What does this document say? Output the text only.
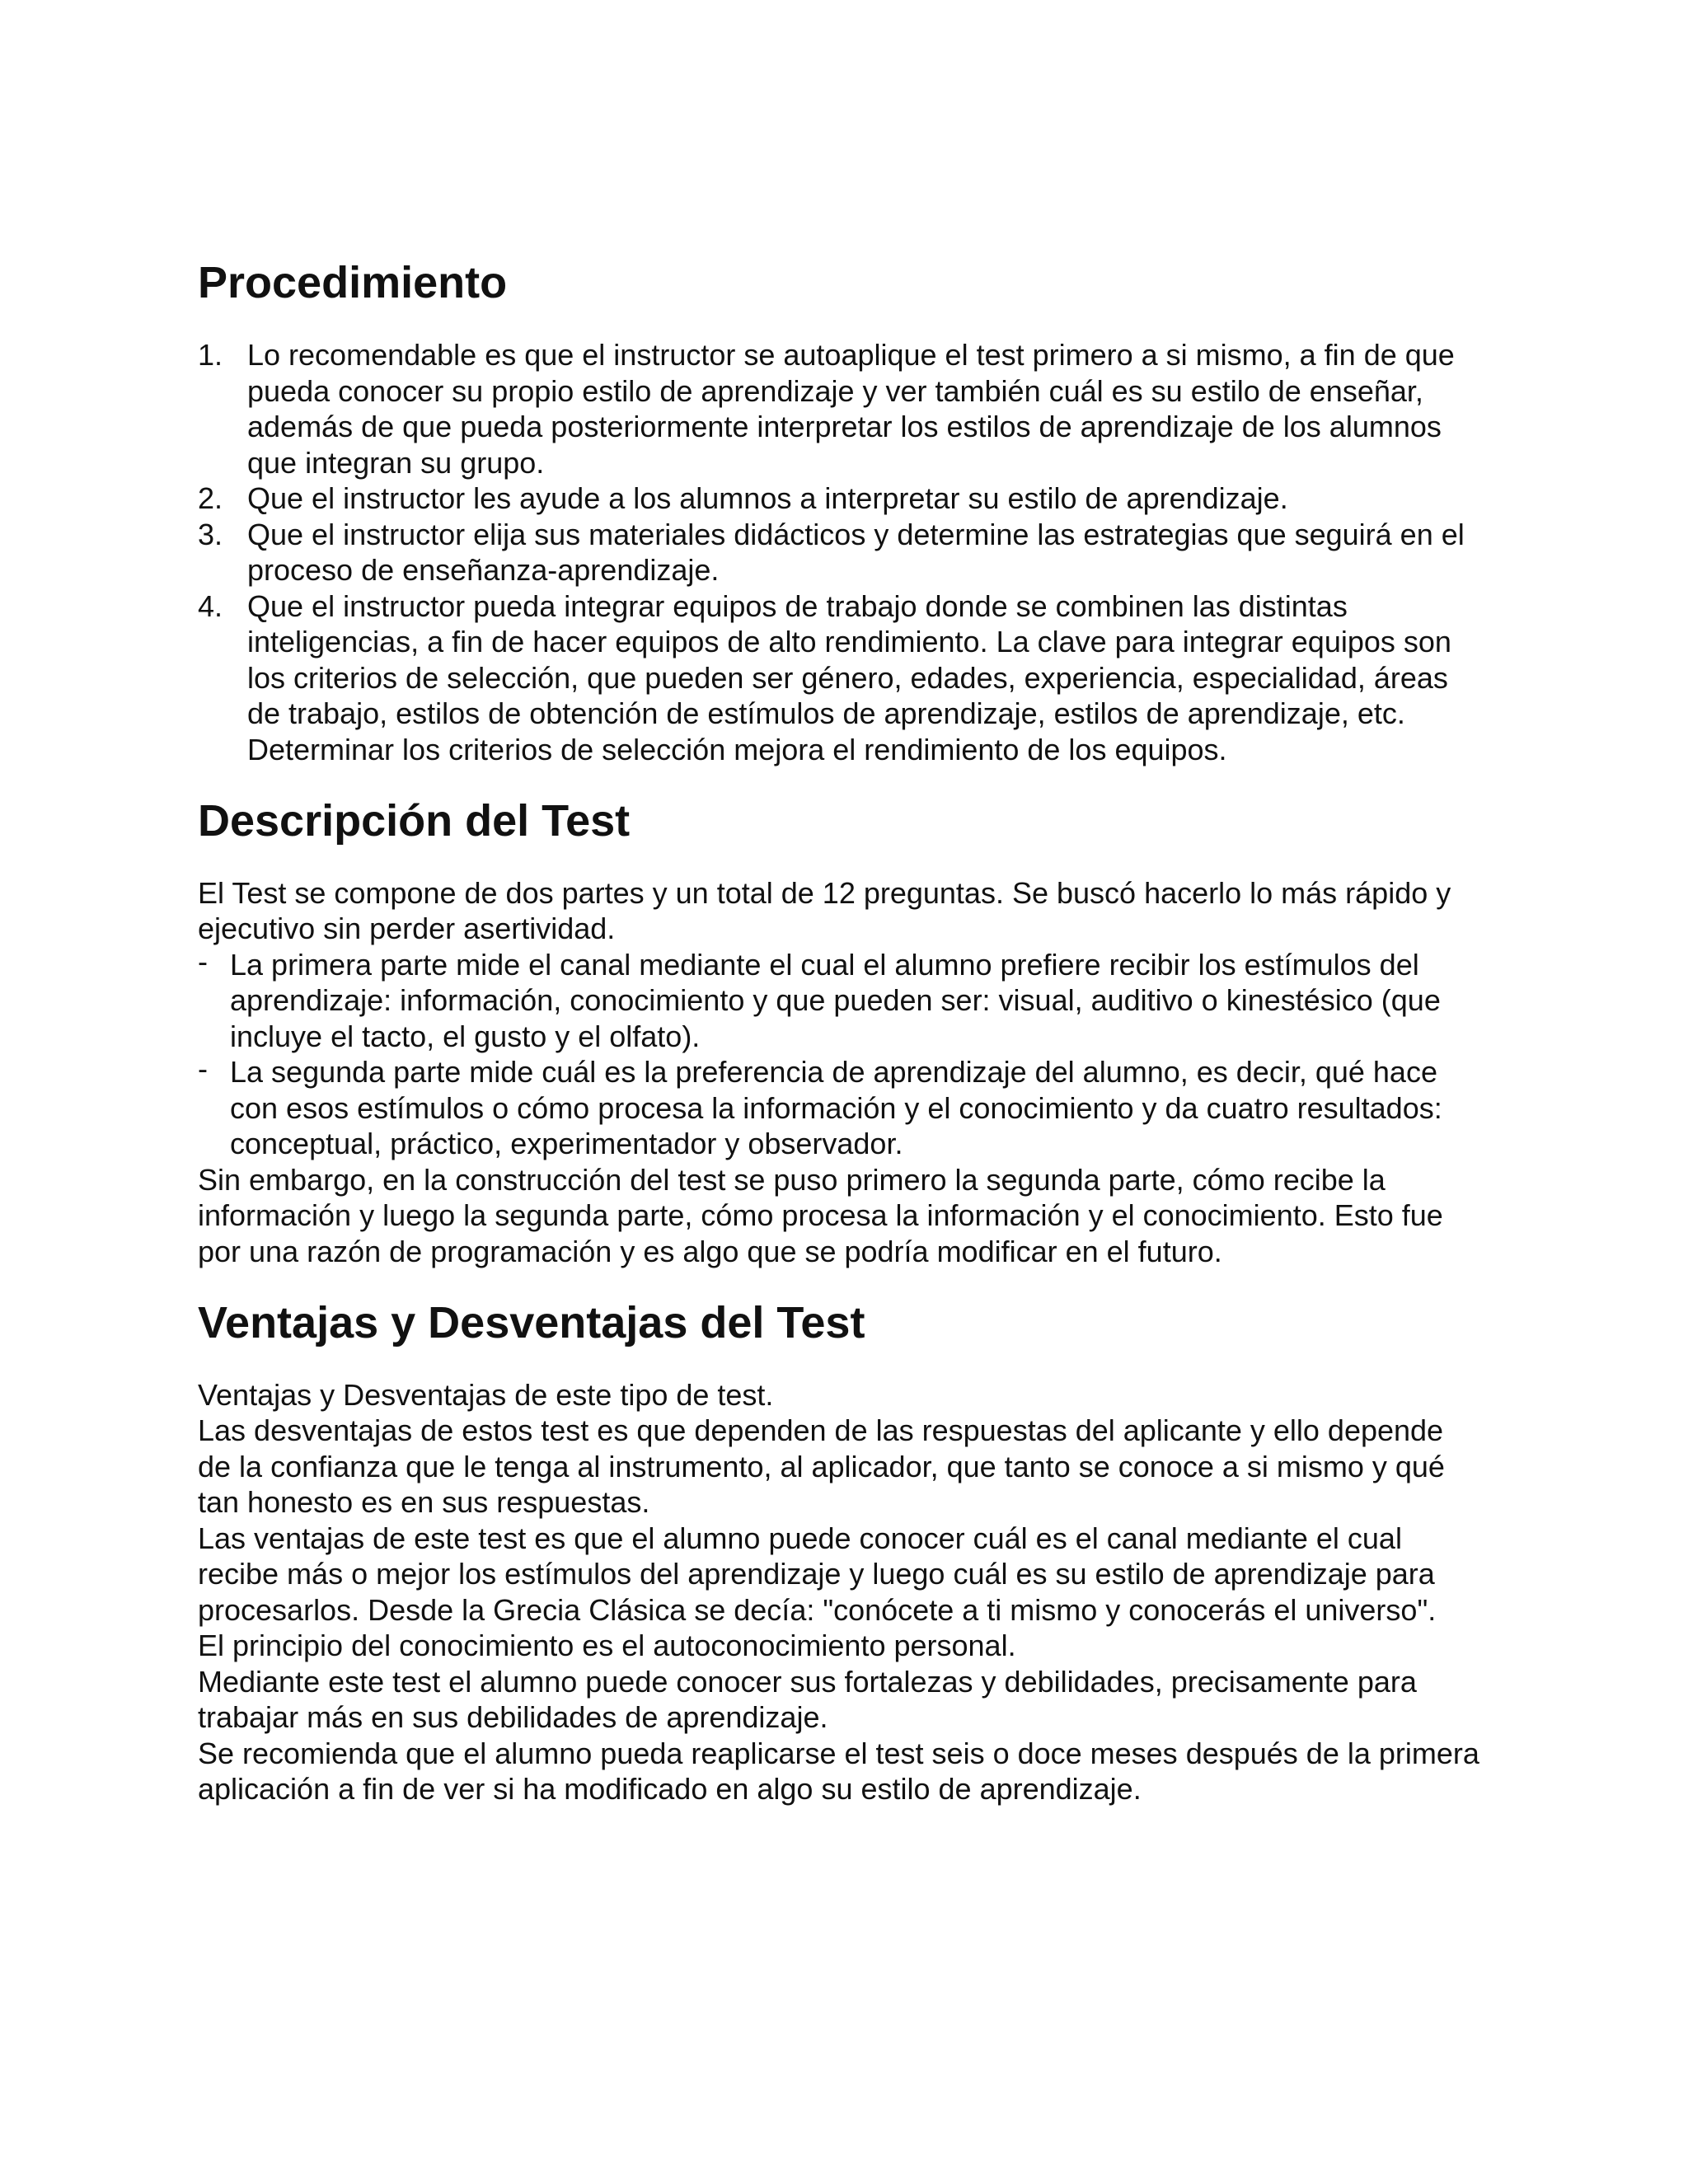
Procedimiento
1. Lo recomendable es que el instructor se autoaplique el test primero a si mismo, a fin de que pueda conocer su propio estilo de aprendizaje y ver también cuál es su estilo de enseñar, además de que pueda posteriormente interpretar los estilos de aprendizaje de los alumnos que integran su grupo.
2. Que el instructor les ayude a los alumnos a interpretar su estilo de aprendizaje.
3. Que el instructor elija sus materiales didácticos y determine las estrategias que seguirá en el proceso de enseñanza-aprendizaje.
4. Que el instructor pueda integrar equipos de trabajo donde se combinen las distintas inteligencias, a fin de hacer equipos de alto rendimiento. La clave para integrar equipos son los criterios de selección, que pueden ser género, edades, experiencia, especialidad, áreas de trabajo, estilos de obtención de estímulos de aprendizaje, estilos de aprendizaje, etc. Determinar los criterios de selección mejora el rendimiento de los equipos.
Descripción del Test

El Test se compone de dos partes y un total de 12 preguntas. Se buscó hacerlo lo más rápido y ejecutivo sin perder asertividad.

- La primera parte mide el canal mediante el cual el alumno prefiere recibir los estímulos del aprendizaje: información, conocimiento y que pueden ser: visual, auditivo o kinestésico (que incluye el tacto, el gusto y el olfato).
- La segunda parte mide cuál es la preferencia de aprendizaje del alumno, es decir, qué hace con esos estímulos o cómo procesa la información y el conocimiento y da cuatro resultados: conceptual, práctico, experimentador y observador.

Sin embargo, en la construcción del test se puso primero la segunda parte, cómo recibe la información y luego la segunda parte, cómo procesa la información y el conocimiento. Esto fue por una razón de programación y es algo que se podría modificar en el futuro.

Ventajas y Desventajas del Test

Ventajas y Desventajas de este tipo de test.

Las desventajas de estos test es que dependen de las respuestas del aplicante y ello depende de la confianza que le tenga al instrumento, al aplicador, que tanto se conoce a si mismo y qué tan honesto es en sus respuestas.

Las ventajas de este test es que el alumno puede conocer cuál es el canal mediante el cual recibe más o mejor los estímulos del aprendizaje y luego cuál es su estilo de aprendizaje para procesarlos. Desde la Grecia Clásica se decía: "conócete a ti mismo y conocerás el universo".

El principio del conocimiento es el autoconocimiento personal.

Mediante este test el alumno puede conocer sus fortalezas y debilidades, precisamente para trabajar más en sus debilidades de aprendizaje.

Se recomienda que el alumno pueda reaplicarse el test seis o doce meses después de la primera aplicación a fin de ver si ha modificado en algo su estilo de aprendizaje.
